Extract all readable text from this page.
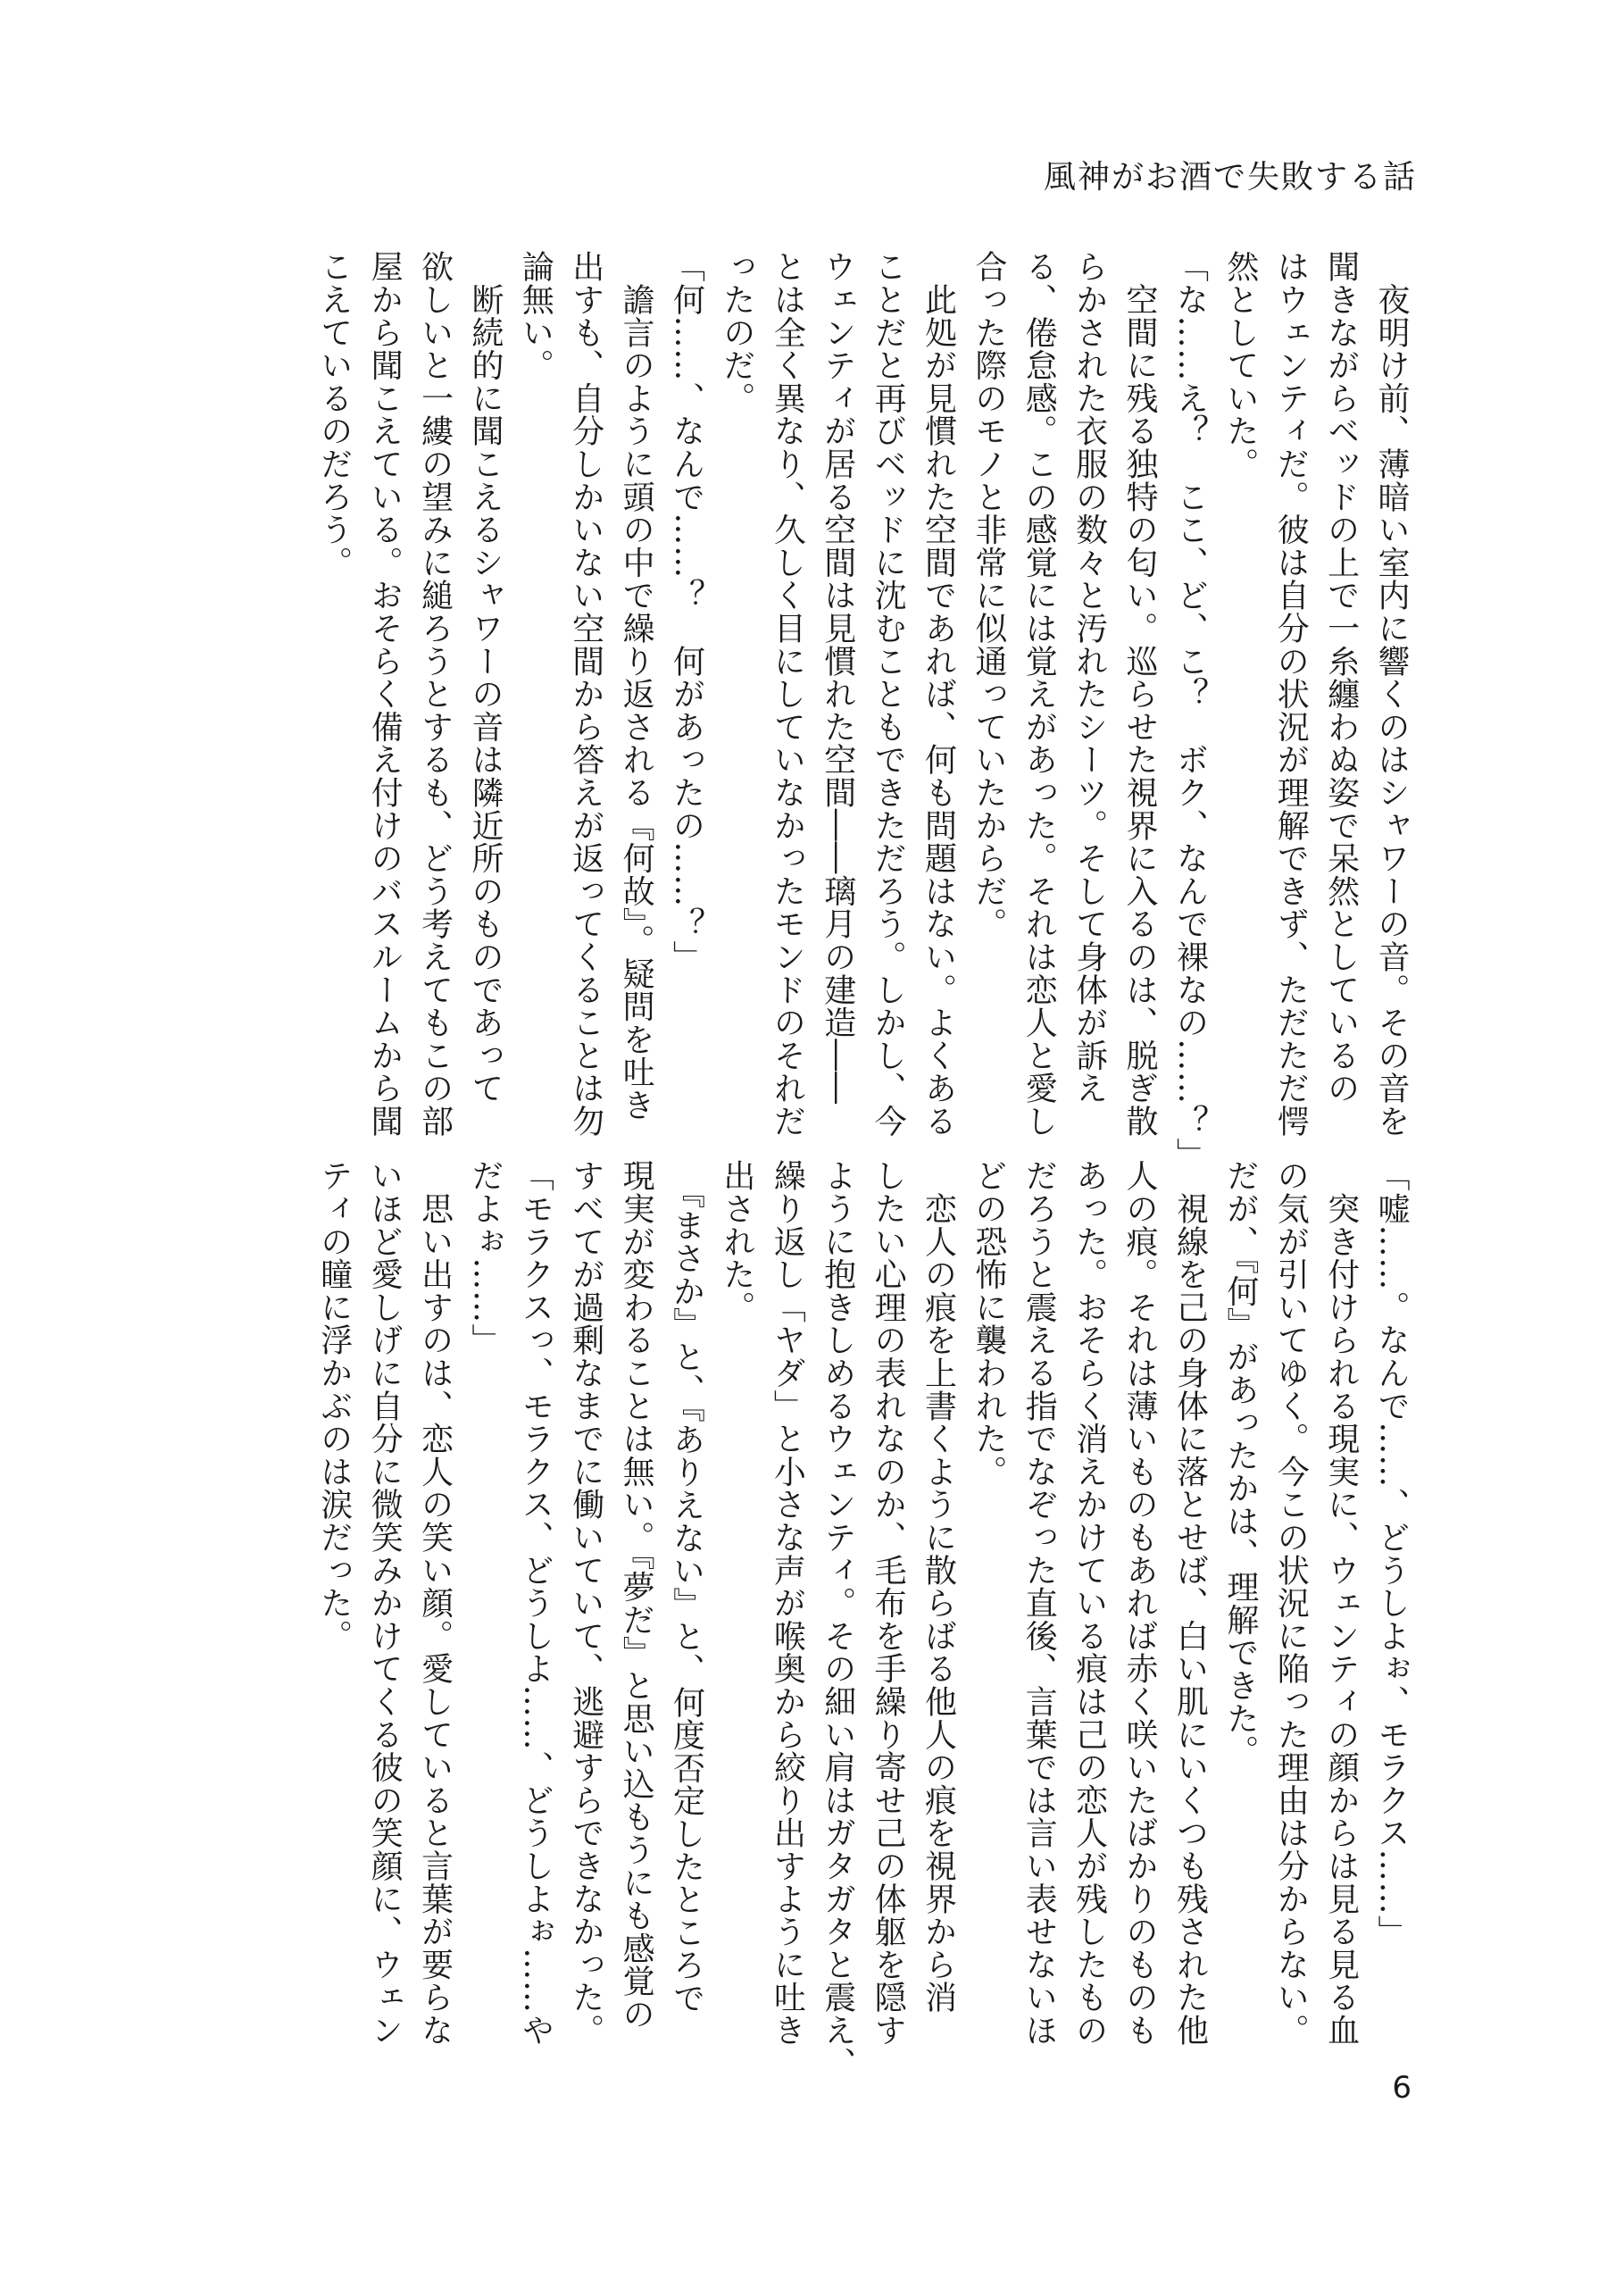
風神がお酒で失敗する話

　夜明け前、薄暗い室内に響くのはシャワーの音。その音を

聞きながらベッドの上で一糸纏わぬ姿で呆然としているの

はウェンティだ。彼は自分の状況が理解できず、ただただ愕

然としていた。

「な……え？　ここ、ど、こ？　ボク、なんで裸なの……？」

　空間に残る独特の匂い。巡らせた視界に入るのは、脱ぎ散

らかされた衣服の数々と汚れたシーツ。そして身体が訴え

る、倦怠感。この感覚には覚えがあった。それは恋人と愛し

合った際のモノと非常に似通っていたからだ。

　此処が見慣れた空間であれば、何も問題はない。よくある

ことだと再びベッドに沈むこともできただろう。しかし、今

ウェンティが居る空間は見慣れた空間――璃月の建造――

とは全く異なり、久しく目にしていなかったモンドのそれだ

ったのだ。

「何……、なんで……？　何があったの……？」

　譫言のように頭の中で繰り返される『何故』。疑問を吐き

出すも、自分しかいない空間から答えが返ってくることは勿

論無い。

　断続的に聞こえるシャワーの音は隣近所のものであって

欲しいと一縷の望みに縋ろうとするも、どう考えてもこの部

屋から聞こえている。おそらく備え付けのバスルームから聞

こえているのだろう。

「嘘……。なんで……、どうしよぉ、モラクス……」

　突き付けられる現実に、ウェンティの顔からは見る見る血

の気が引いてゆく。今この状況に陥った理由は分からない。

だが、『何』があったかは、理解できた。

　視線を己の身体に落とせば、白い肌にいくつも残された他

人の痕。それは薄いものもあれば赤く咲いたばかりのものも

あった。おそらく消えかけている痕は己の恋人が残したもの

だろうと震える指でなぞった直後、言葉では言い表せないほ

どの恐怖に襲われた。

　恋人の痕を上書くように散らばる他人の痕を視界から消

したい心理の表れなのか、毛布を手繰り寄せ己の体躯を隠す

ように抱きしめるウェンティ。その細い肩はガタガタと震え、

繰り返し「ヤダ」と小さな声が喉奥から絞り出すように吐き

出された。

　『まさか』と、『ありえない』と、何度否定したところで

現実が変わることは無い。『夢だ』と思い込もうにも感覚の

すべてが過剰なまでに働いていて、逃避すらできなかった。

「モラクスっ、モラクス、どうしよ……、どうしよぉ……や

だよぉ……」

　思い出すのは、恋人の笑い顔。愛していると言葉が要らな

いほど愛しげに自分に微笑みかけてくる彼の笑顔に、ウェン

ティの瞳に浮かぶのは涙だった。

6
